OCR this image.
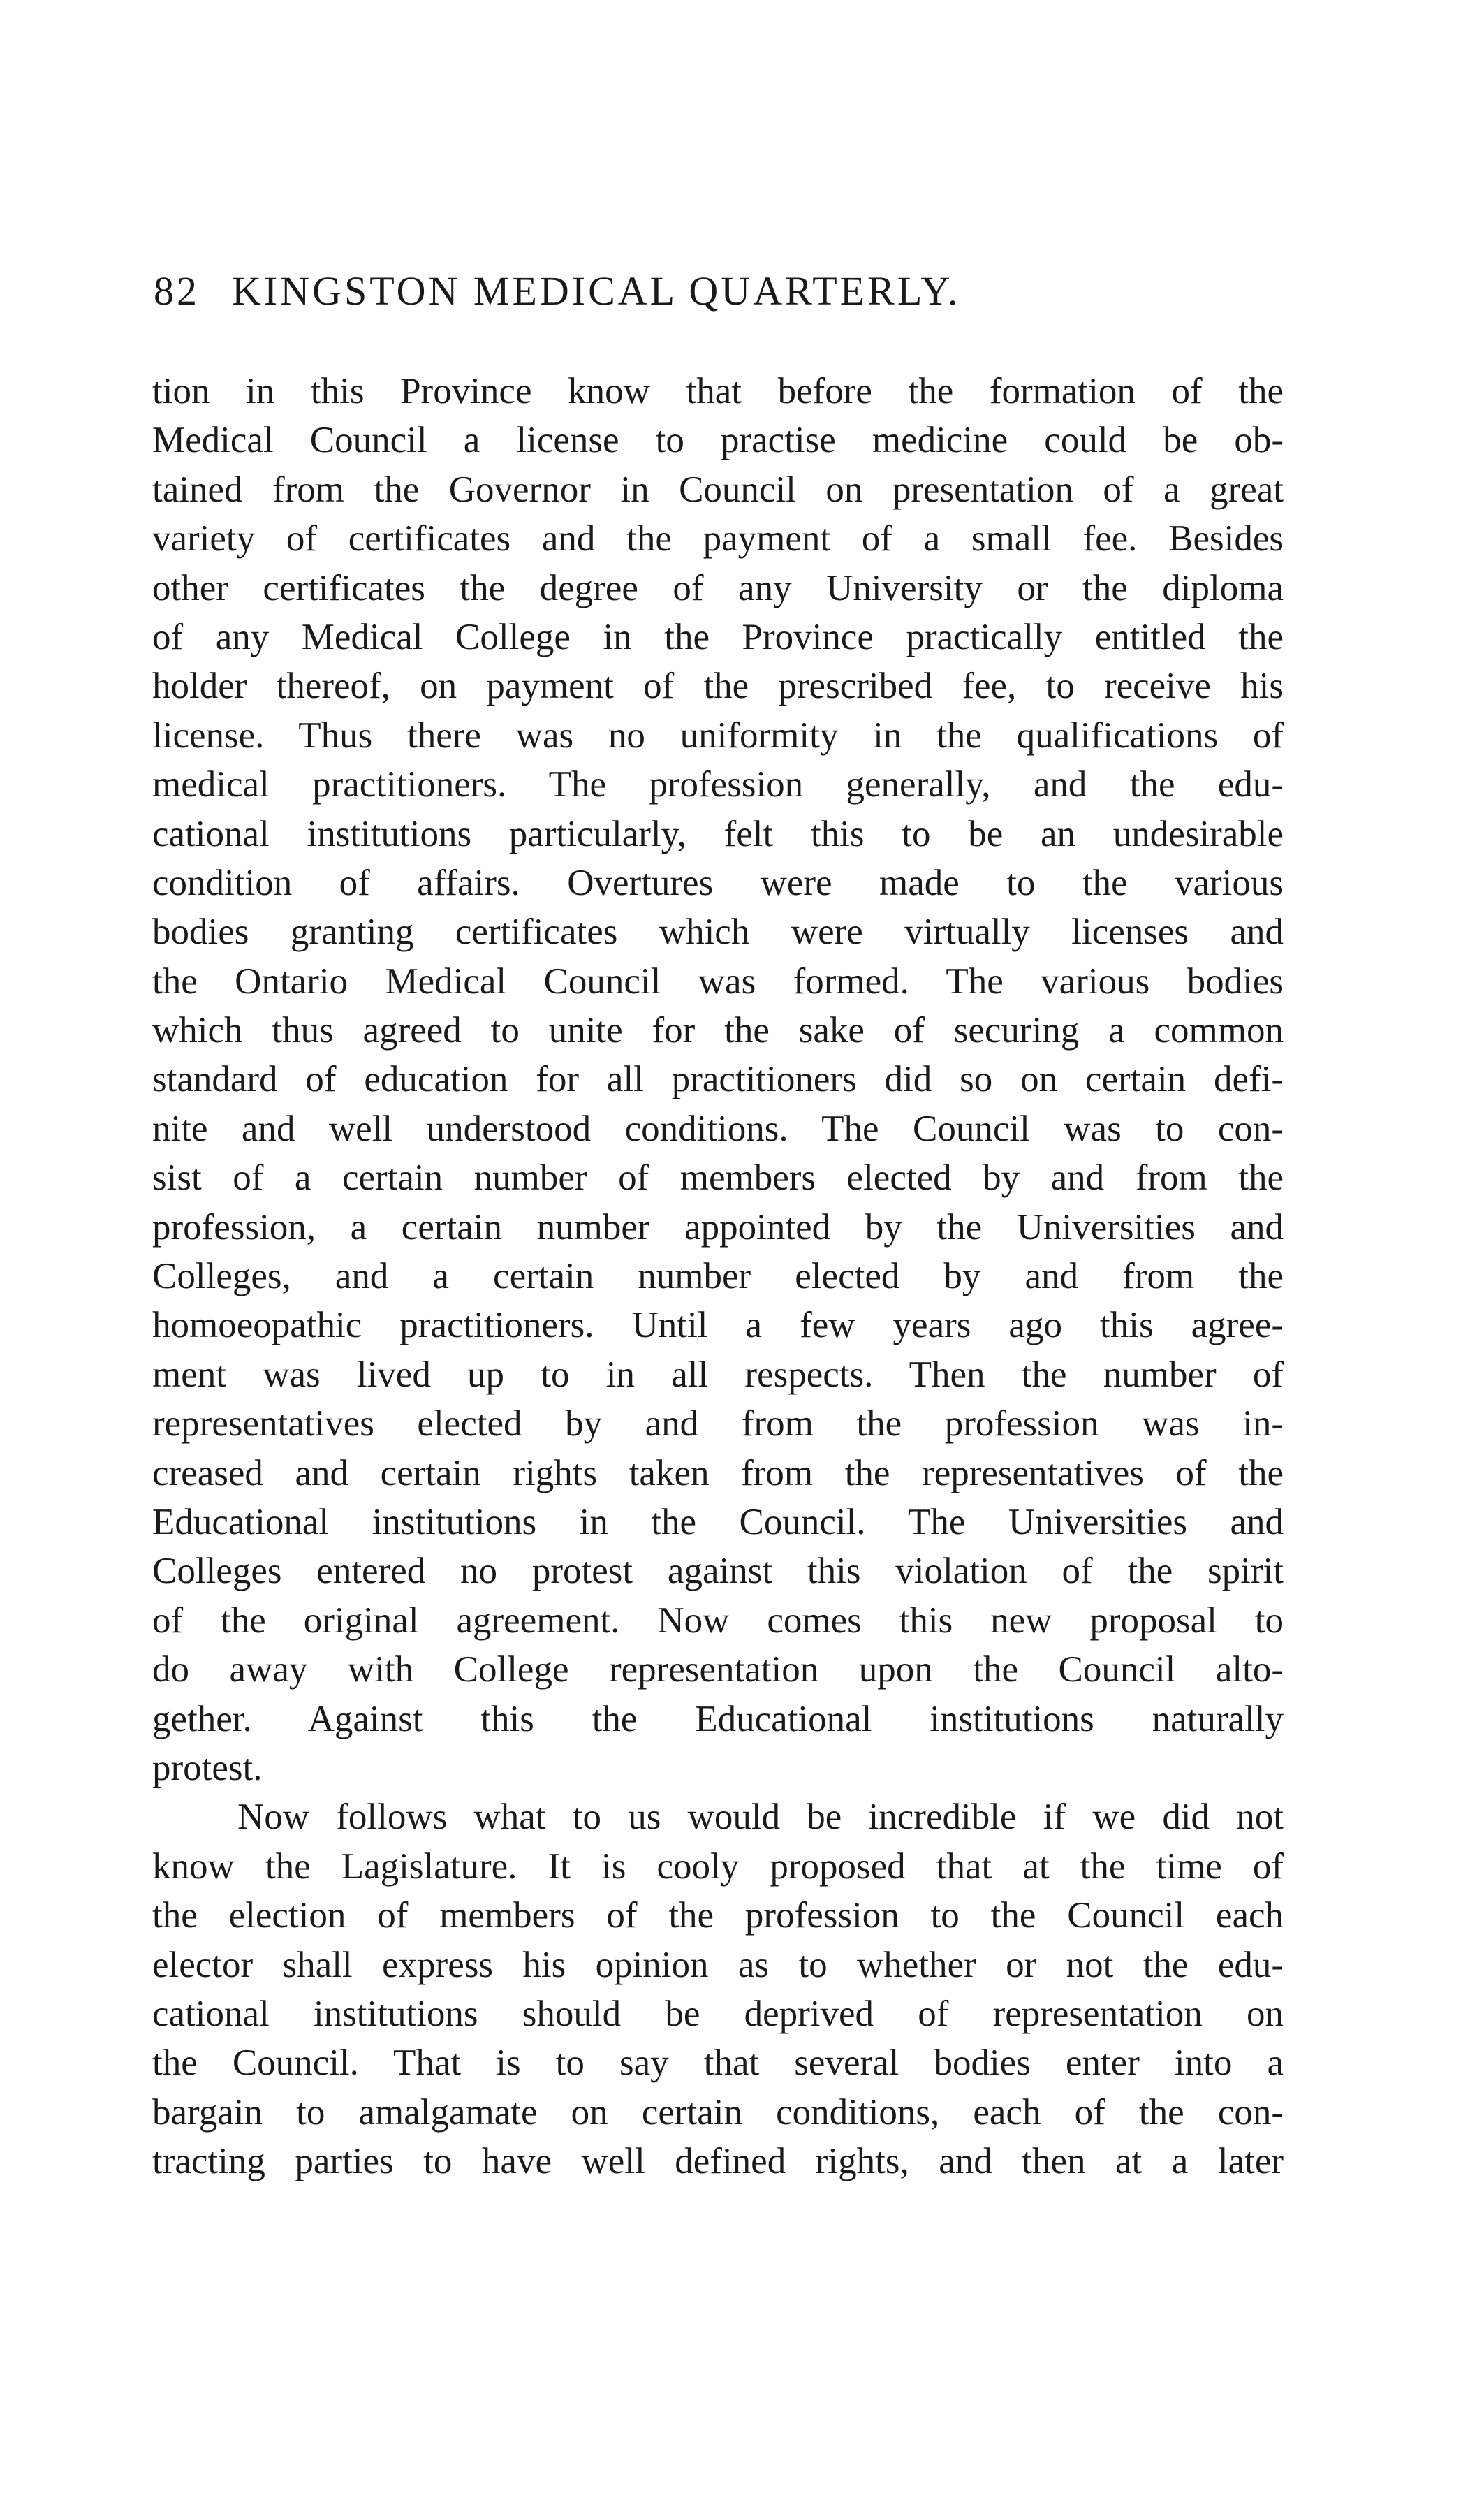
82 KINGSTON MEDICAL QUARTERLY.
tion in this Province know that before the formation of the
Medical Council a license to practise medicine could be ob-
tained from the Governor in Council on presentation of a great
variety of certificates and the payment of a small fee. Besides
other certificates the degree of any University or the diploma
of any Medical College in the Province practically entitled the
holder thereof, on payment of the prescribed fee, to receive his
license. Thus there was no uniformity in the qualifications of
medical practitioners. The profession generally, and the edu-
cational institutions particularly, felt this to be an undesirable
condition of affairs. Overtures were made to the various
bodies granting certificates which were virtually licenses and
the Ontario Medical Council was formed. The various bodies
which thus agreed to unite for the sake of securing a common
standard of education for all practitioners did so on certain defi-
nite and well understood conditions. The Council was to con-
sist of a certain number of members elected by and from the
profession, a certain number appointed by the Universities and
Colleges, and a certain number elected by and from the
homoeopathic practitioners. Until a few years ago this agree-
ment was lived up to in all respects. Then the number of
representatives elected by and from the profession was in-
creased and certain rights taken from the representatives of the
Educational institutions in the Council. The Universities and
Colleges entered no protest against this violation of the spirit
of the original agreement. Now comes this new proposal to
do away with College representation upon the Council alto-
gether. Against this the Educational institutions naturally
protest.
Now follows what to us would be incredible if we did not
know the Lagislature. It is cooly proposed that at the time of
the election of members of the profession to the Council each
elector shall express his opinion as to whether or not the edu-
cational institutions should be deprived of representation on
the Council. That is to say that several bodies enter into a
bargain to amalgamate on certain conditions, each of the con-
tracting parties to have well defined rights, and then at a later
